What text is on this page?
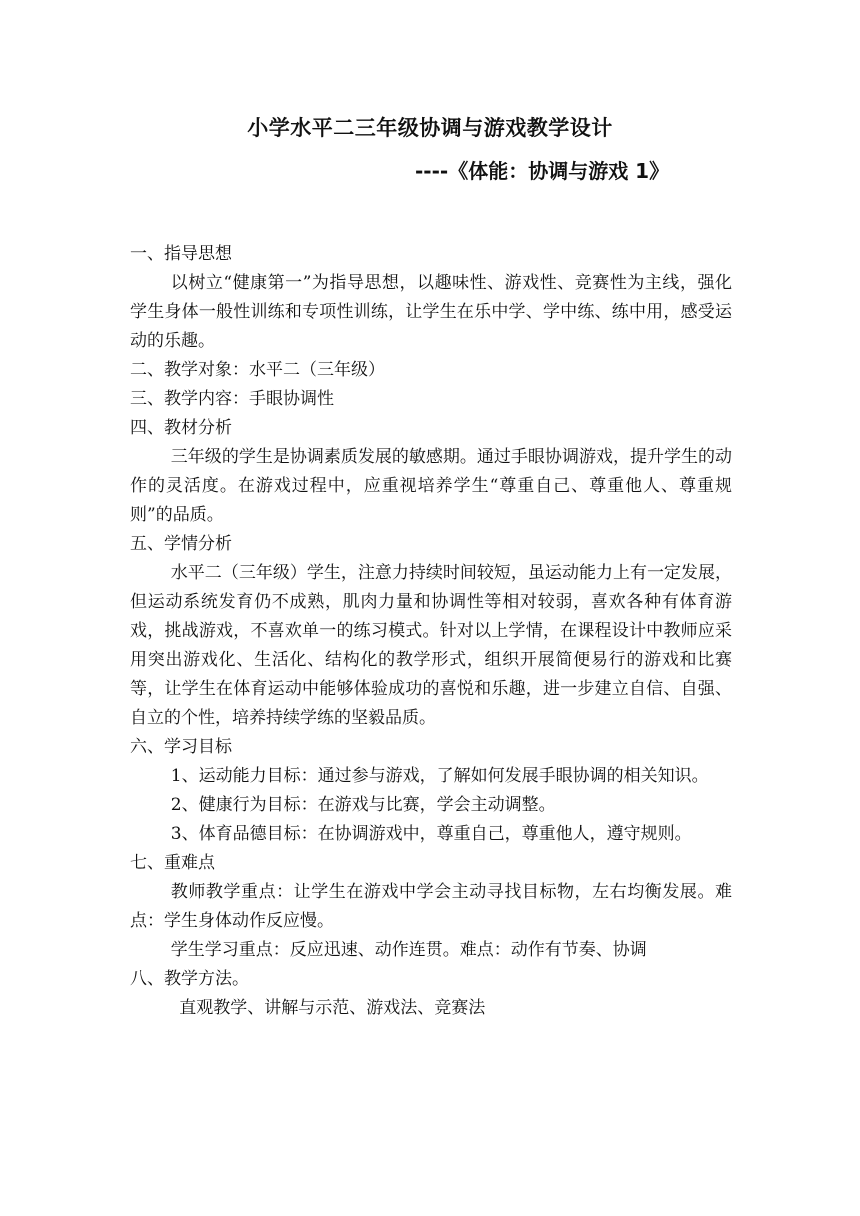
小学水平二三年级协调与游戏教学设计
----《体能：协调与游戏 1》

一、指导思想

以树立“健康第一”为指导思想，以趣味性、游戏性、竞赛性为主线，强化学生身体一般性训练和专项性训练，让学生在乐中学、学中练、练中用，感受运动的乐趣。

二、教学对象：水平二（三年级）

三、教学内容：手眼协调性

四、教材分析

三年级的学生是协调素质发展的敏感期。通过手眼协调游戏，提升学生的动作的灵活度。在游戏过程中，应重视培养学生“尊重自己、尊重他人、尊重规则”的品质。

五、学情分析

水平二（三年级）学生，注意力持续时间较短，虽运动能力上有一定发展，但运动系统发育仍不成熟，肌肉力量和协调性等相对较弱，喜欢各种有体育游戏，挑战游戏，不喜欢单一的练习模式。针对以上学情，在课程设计中教师应采用突出游戏化、生活化、结构化的教学形式，组织开展简便易行的游戏和比赛等，让学生在体育运动中能够体验成功的喜悦和乐趣，进一步建立自信、自强、自立的个性，培养持续学练的坚毅品质。

六、学习目标

1、运动能力目标：通过参与游戏，了解如何发展手眼协调的相关知识。

2、健康行为目标：在游戏与比赛，学会主动调整。

3、体育品德目标：在协调游戏中，尊重自己，尊重他人，遵守规则。

七、重难点

教师教学重点：让学生在游戏中学会主动寻找目标物，左右均衡发展。难点：学生身体动作反应慢。

学生学习重点：反应迅速、动作连贯。难点：动作有节奏、协调

八、教学方法。

直观教学、讲解与示范、游戏法、竞赛法
